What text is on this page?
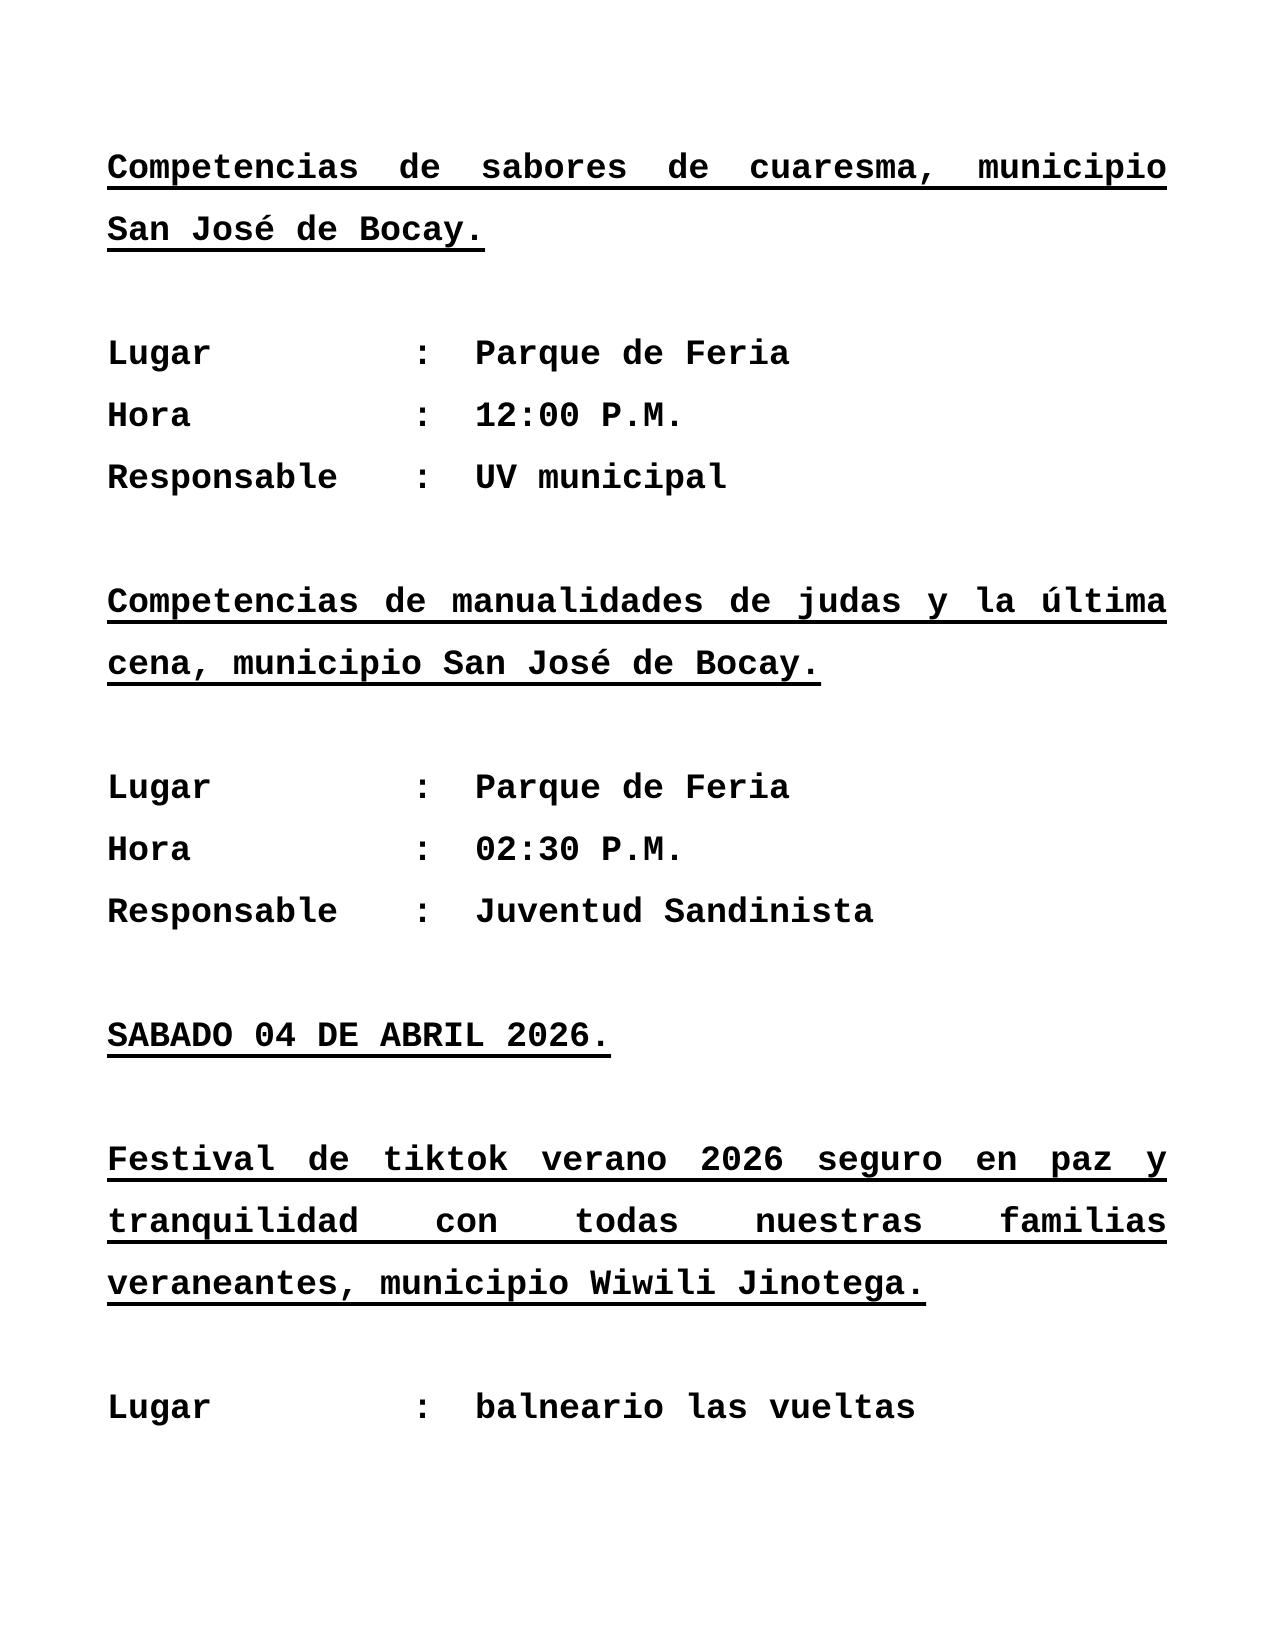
Competencias de sabores de cuaresma, municipio
San José de Bocay.
Lugar	:	Parque de Feria
Hora	:	12:00 P.M.
Responsable	:	UV municipal
Competencias de manualidades de judas y la última
cena, municipio San José de Bocay.
Lugar	:	Parque de Feria
Hora	:	02:30 P.M.
Responsable	:	Juventud Sandinista
SABADO 04 DE ABRIL 2026.
Festival de tiktok verano 2026 seguro en paz y
tranquilidad con todas nuestras familias
veraneantes, municipio Wiwili Jinotega.
Lugar	:	balneario las vueltas
